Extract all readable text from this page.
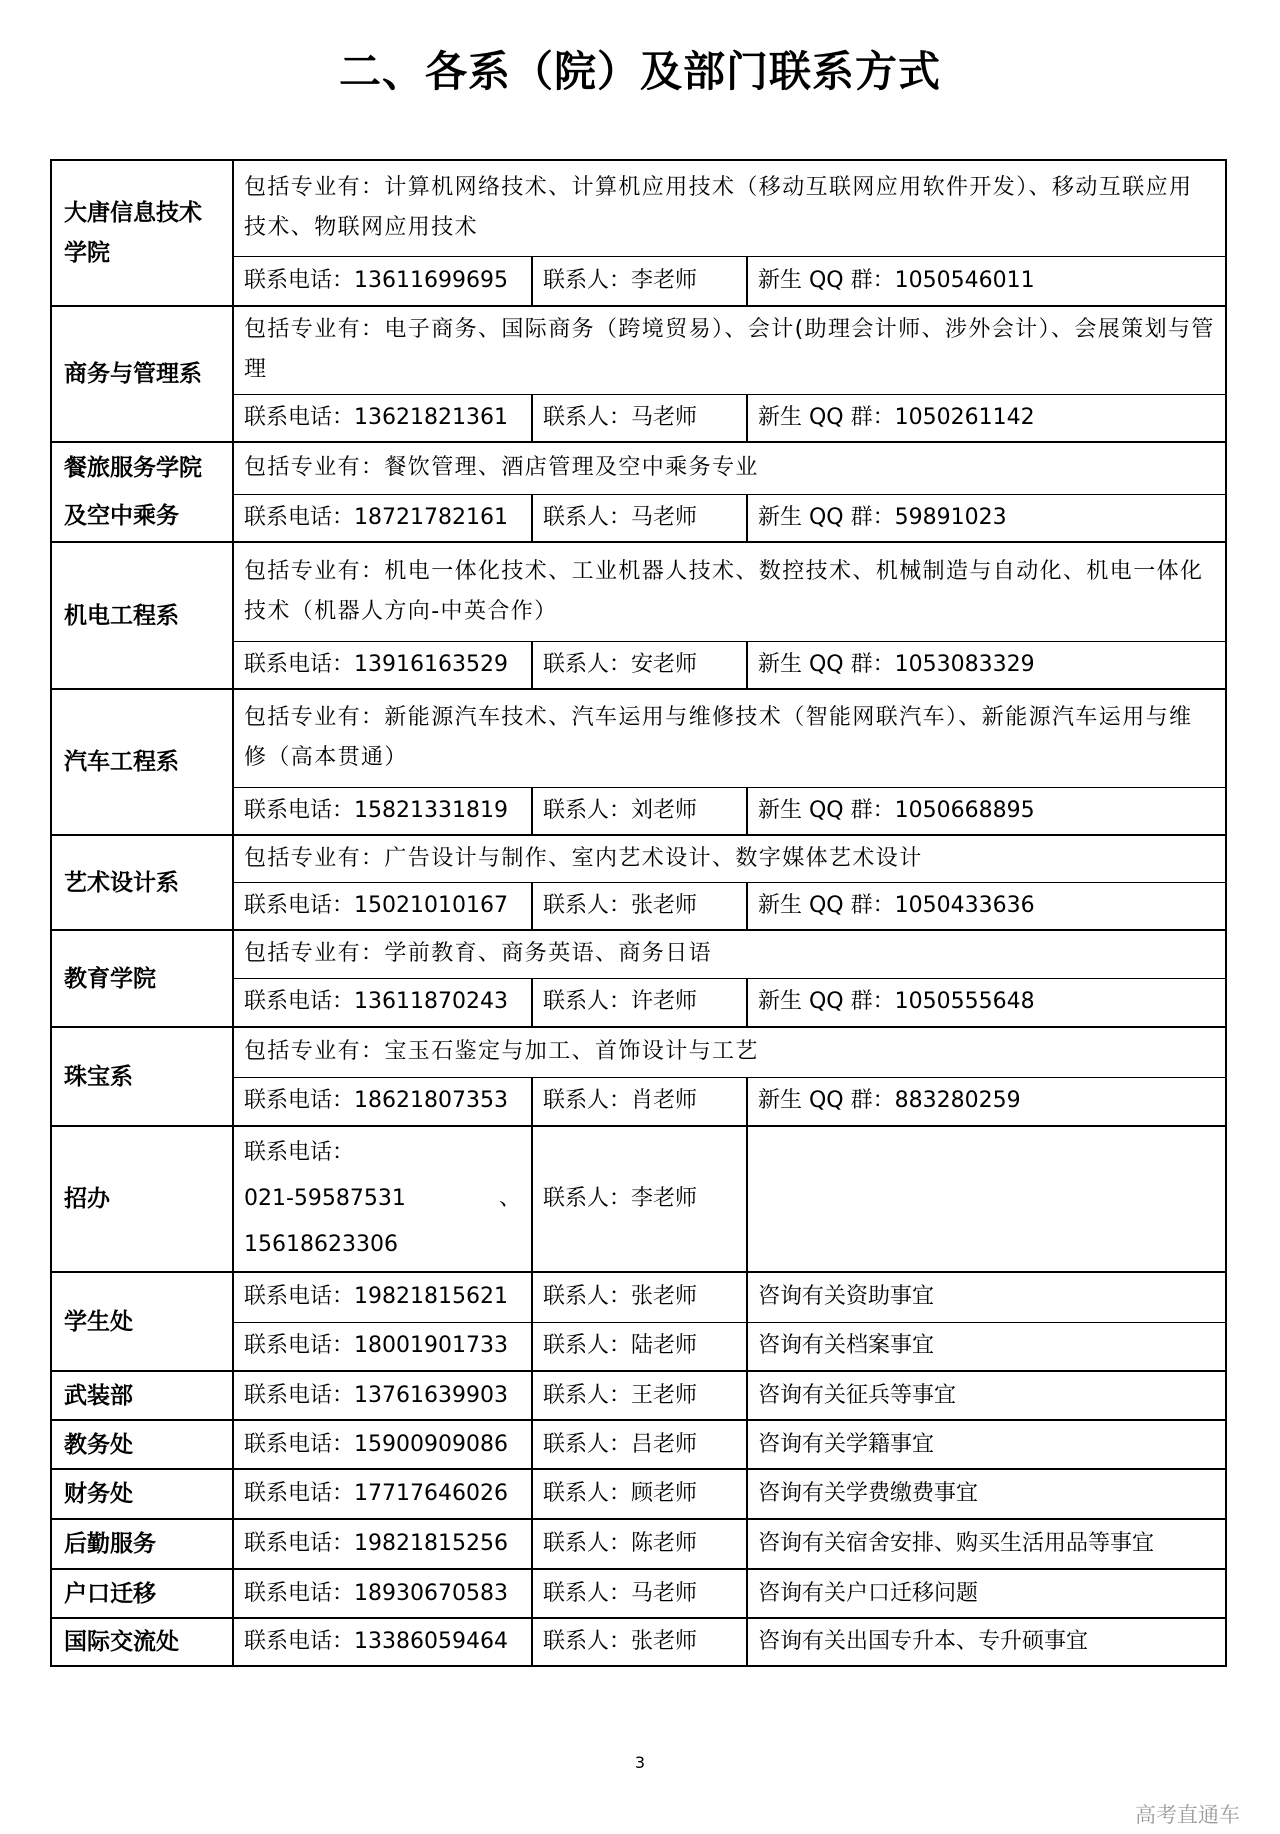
二、各系（院）及部门联系方式
大唐信息技术学院	包括专业有：计算机网络技术、计算机应用技术（移动互联网应用软件开发）、移动互联应用技术、物联网应用技术		
	联系电话：13611699695	联系人：李老师	新生 QQ 群：1050546011
商务与管理系	包括专业有：电子商务、国际商务（跨境贸易）、会计(助理会计师、涉外会计）、会展策划与管理		
	联系电话：13621821361	联系人：马老师	新生 QQ 群：1050261142
餐旅服务学院及空中乘务	包括专业有：餐饮管理、酒店管理及空中乘务专业		
	联系电话：18721782161	联系人：马老师	新生 QQ 群：59891023
机电工程系	包括专业有：机电一体化技术、工业机器人技术、数控技术、机械制造与自动化、机电一体化技术（机器人方向-中英合作）		
	联系电话：13916163529	联系人：安老师	新生 QQ 群：1053083329
汽车工程系	包括专业有：新能源汽车技术、汽车运用与维修技术（智能网联汽车）、新能源汽车运用与维修（高本贯通）		
	联系电话：15821331819	联系人：刘老师	新生 QQ 群：1050668895
艺术设计系	包括专业有：广告设计与制作、室内艺术设计、数字媒体艺术设计		
	联系电话：15021010167	联系人：张老师	新生 QQ 群：1050433636
教育学院	包括专业有：学前教育、商务英语、商务日语		
	联系电话：13611870243	联系人：许老师	新生 QQ 群：1050555648
珠宝系	包括专业有：宝玉石鉴定与加工、首饰设计与工艺		
	联系电话：18621807353	联系人：肖老师	新生 QQ 群：883280259
招办	联系电话：
021-59587531 、
15618623306	联系人：李老师	
学生处	联系电话：19821815621	联系人：张老师	咨询有关资助事宜
	联系电话：18001901733	联系人：陆老师	咨询有关档案事宜
武装部	联系电话：13761639903	联系人：王老师	咨询有关征兵等事宜
教务处	联系电话：15900909086	联系人：吕老师	咨询有关学籍事宜
财务处	联系电话：17717646026	联系人：顾老师	咨询有关学费缴费事宜
后勤服务	联系电话：19821815256	联系人：陈老师	咨询有关宿舍安排、购买生活用品等事宜
户口迁移	联系电话：18930670583	联系人：马老师	咨询有关户口迁移问题
国际交流处	联系电话：13386059464	联系人：张老师	咨询有关出国专升本、专升硕事宜
3
高考直通车
